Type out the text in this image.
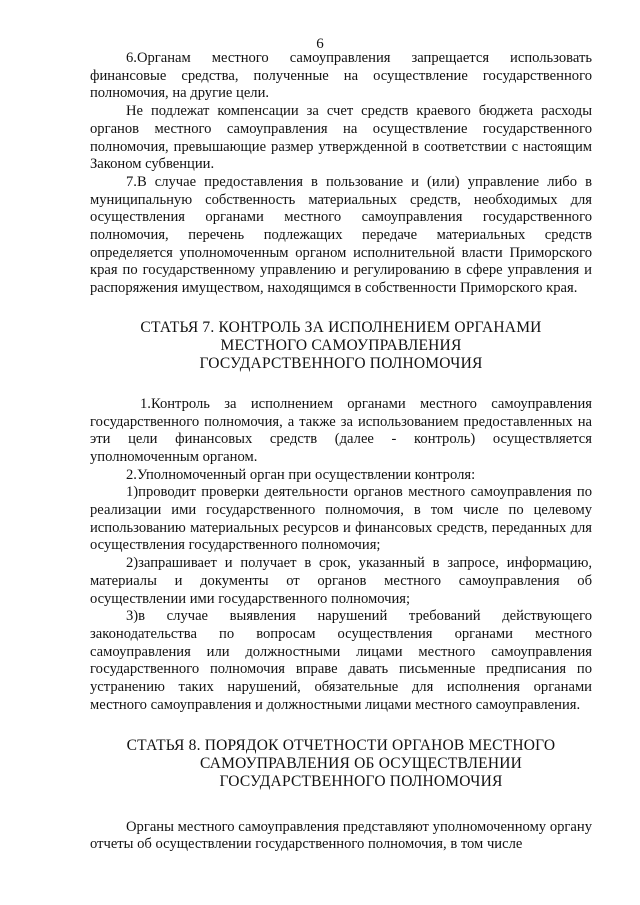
6

6.Органам местного самоуправления запрещается использовать финансовые средства, полученные на осуществление государственного полномочия, на другие цели.

Не подлежат компенсации за счет средств краевого бюджета расходы органов местного самоуправления на осуществление государственного полномочия, превышающие размер утвержденной в соответствии с настоящим Законом субвенции.

7.В случае предоставления в пользование и (или) управление либо в муниципальную собственность материальных средств, необходимых для осуществления органами местного самоуправления государственного полномочия, перечень подлежащих передаче материальных средств определяется уполномоченным органом исполнительной власти Приморского края по государственному управлению и регулированию в сфере управления и распоряжения имуществом, находящимся в собственности Приморского края.

СТАТЬЯ 7. КОНТРОЛЬ ЗА ИСПОЛНЕНИЕМ ОРГАНАМИ
МЕСТНОГО САМОУПРАВЛЕНИЯ
ГОСУДАРСТВЕННОГО ПОЛНОМОЧИЯ

1.Контроль за исполнением органами местного самоуправления государственного полномочия, а также за использованием предоставленных на эти цели финансовых средств (далее - контроль) осуществляется уполномоченным органом.

2.Уполномоченный орган при осуществлении контроля:

1)проводит проверки деятельности органов местного самоуправления по реализации ими государственного полномочия, в том числе по целевому использованию материальных ресурсов и финансовых средств, переданных для осуществления государственного полномочия;

2)запрашивает и получает в срок, указанный в запросе, информацию, материалы и документы от органов местного самоуправления об осуществлении ими государственного полномочия;

3)в случае выявления нарушений требований действующего законодательства по вопросам осуществления органами местного самоуправления или должностными лицами местного самоуправления государственного полномочия вправе давать письменные предписания по устранению таких нарушений, обязательные для исполнения органами местного самоуправления и должностными лицами местного самоуправления.

СТАТЬЯ 8. ПОРЯДОК ОТЧЕТНОСТИ ОРГАНОВ МЕСТНОГО
САМОУПРАВЛЕНИЯ ОБ ОСУЩЕСТВЛЕНИИ
ГОСУДАРСТВЕННОГО ПОЛНОМОЧИЯ

Органы местного самоуправления представляют уполномоченному органу отчеты об осуществлении государственного полномочия, в том числе
